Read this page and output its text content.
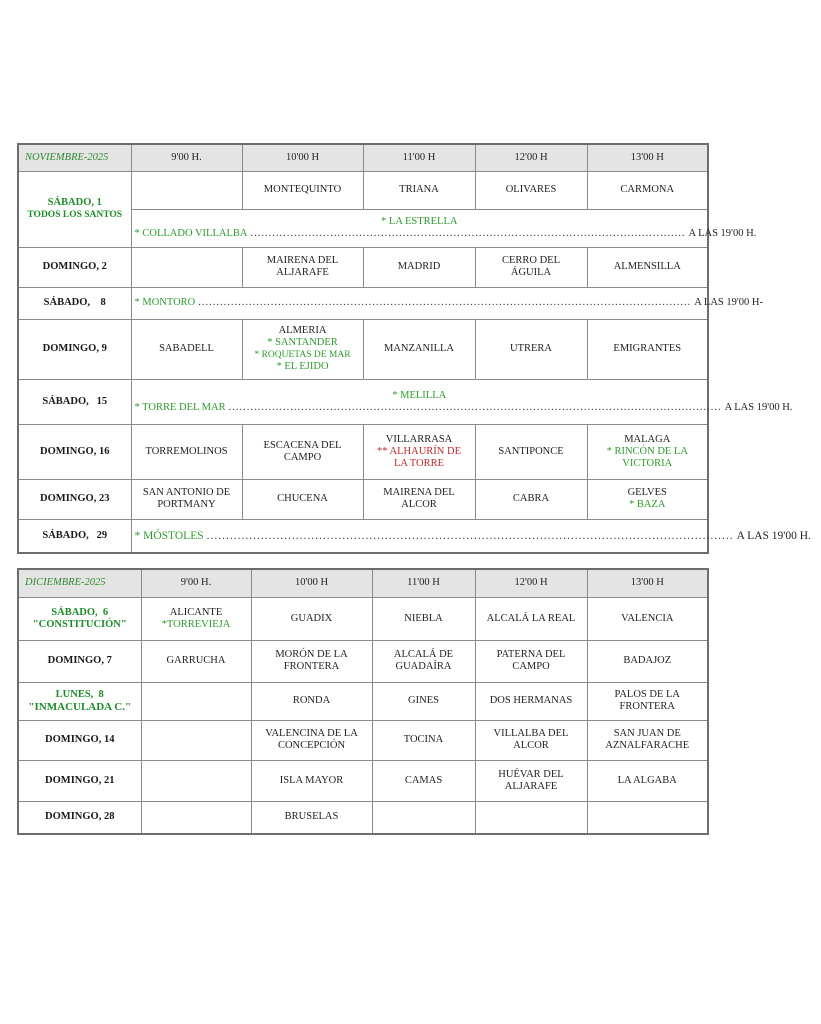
NOVIEMBRE-2025	9'00 H.	10'00 H	11'00 H	12'00 H	13'00 H

SÁBADO, 1
TODOS LOS SANTOS		MONTEQUINTO	TRIANA	OLIVARES	CARMONA

	* LA ESTRELLA
* COLLADO VILLALBA ........................................................................................................................ A LAS 19'00 H.				

DOMINGO, 2		MAIRENA DEL
ALJARAFE	MADRID	CERRO DEL
ÁGUILA	ALMENSILLA
SÁBADO,    8	* MONTORO ........................................................................................................................................ A LAS 19'00 H-				

DOMINGO, 9	SABADELL	ALMERIA
* SANTANDER
* ROQUETAS DE MAR
* EL EJIDO	MANZANILLA	UTRERA	EMIGRANTES
SÁBADO,   15	* MELILLA
* TORRE DEL MAR ........................................................................................................................................ A LAS 19'00 H.				

DOMINGO, 16	TORREMOLINOS	ESCACENA DEL
CAMPO	VILLARRASA
** ALHAURÍN DE
LA TORRE	SANTIPONCE	MALAGA
* RINCÓN DE LA
VICTORIA

DOMINGO, 23	SAN ANTONIO DE
PORTMANY	CHUCENA	MAIRENA DEL
ALCOR	CABRA	GELVES
* BAZA

SÁBADO,   29	* MÓSTOLES ........................................................................................................................................ A LAS 19'00 H.				
DICIEMBRE-2025	9'00 H.	10'00 H	11'00 H	12'00 H	13'00 H

SÁBADO,  6
"CONSTITUCIÓN"	ALICANTE
*TORREVIEJA	GUADIX	NIEBLA	ALCALÁ LA REAL	VALENCIA
DOMINGO, 7	GARRUCHA	MORÓN DE LA
FRONTERA	ALCALÁ DE
GUADAÍRA	PATERNA DEL
CAMPO	BADAJOZ

LUNES,  8
"INMACULADA C."		RONDA	GINES	DOS HERMANAS	PALOS DE LA
FRONTERA

DOMINGO, 14		VALENCINA DE LA
CONCEPCIÓN	TOCINA	VILLALBA DEL
ALCOR	SAN JUAN DE
AZNALFARACHE

DOMINGO, 21		ISLA MAYOR	CAMAS	HUÉVAR DEL
ALJARAFE	LA ALGABA
DOMINGO, 28		BRUSELAS			
